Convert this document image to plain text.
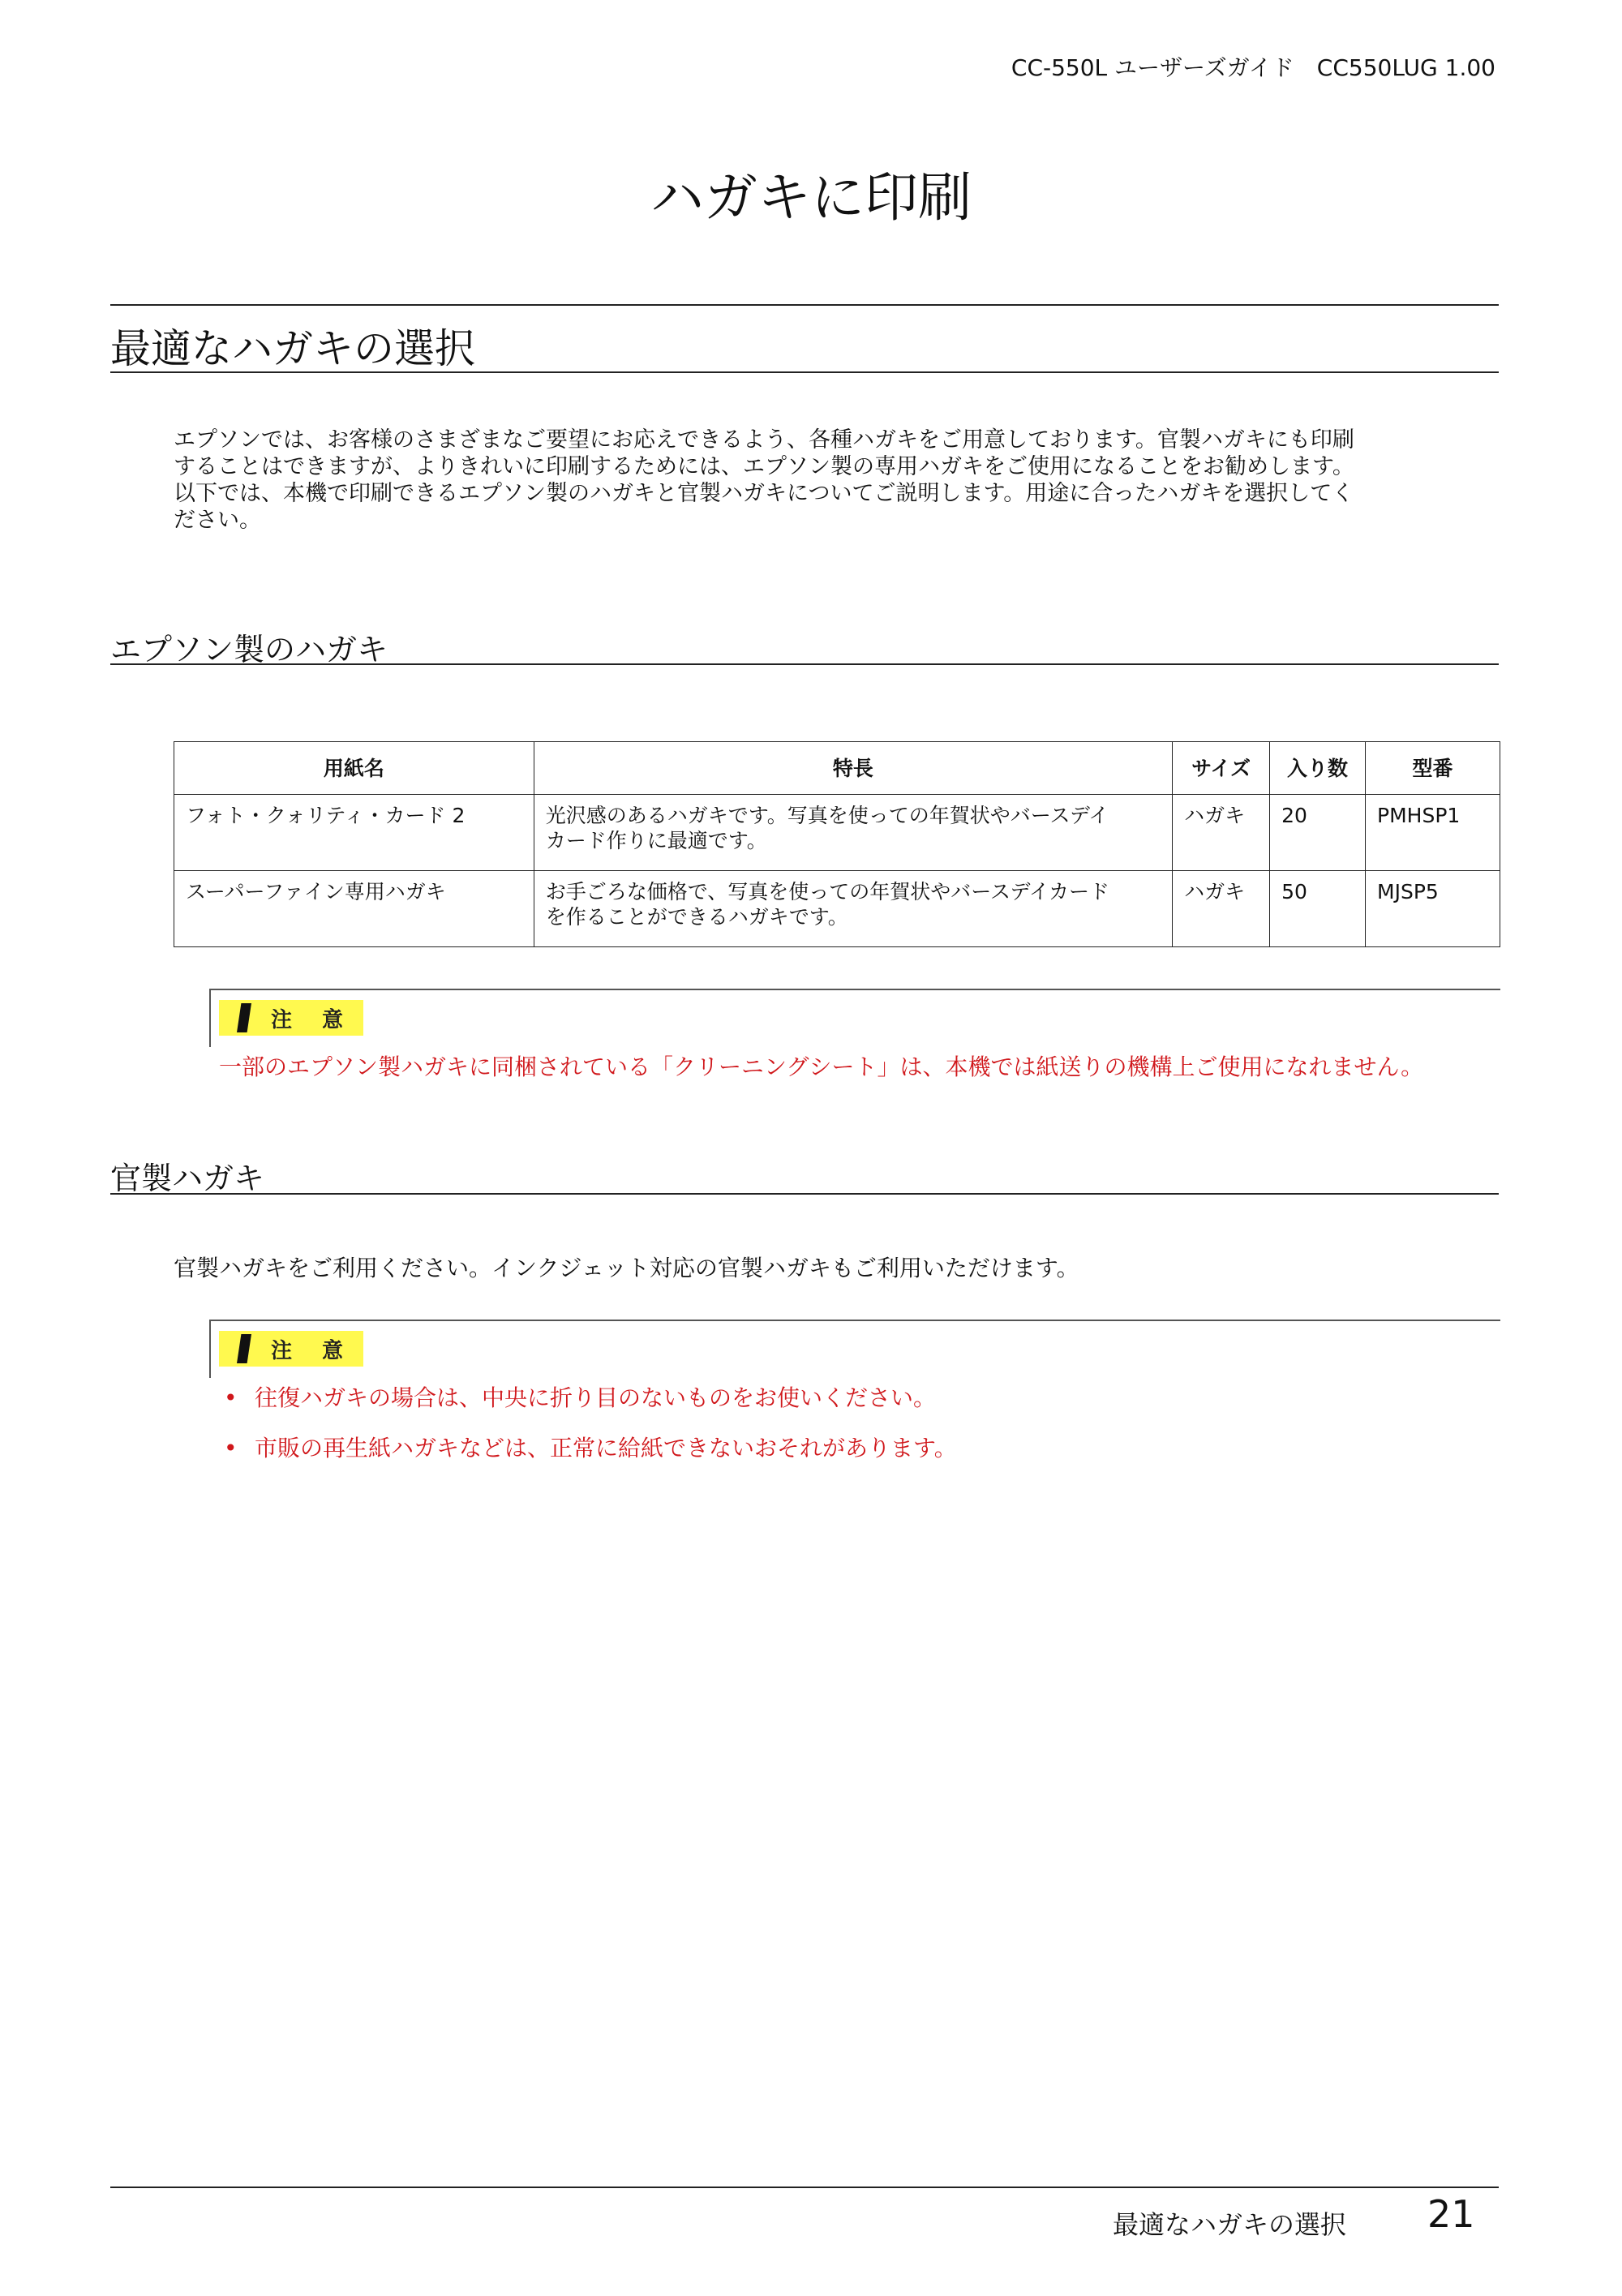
CC-550L ユーザーズガイド　CC550LUG 1.00
ハガキに印刷
最適なハガキの選択
エプソンでは、お客様のさまざまなご要望にお応えできるよう、各種ハガキをご用意しております。官製ハガキにも印刷
することはできますが、よりきれいに印刷するためには、エプソン製の専用ハガキをご使用になることをお勧めします。
以下では、本機で印刷できるエプソン製のハガキと官製ハガキについてご説明します。用途に合ったハガキを選択してく
ださい。
エプソン製のハガキ
用紙名	特長	サイズ	入り数	型番
フォト・クォリティ・カード 2	光沢感のあるハガキです。写真を使っての年賀状やバースデイ
カード作りに最適です。	ハガキ	20	PMHSP1
スーパーファイン専用ハガキ	お手ごろな価格で、写真を使っての年賀状やバースデイカード
を作ることができるハガキです。	ハガキ	50	MJSP5
注 意
一部のエプソン製ハガキに同梱されている「クリーニングシート」は、本機では紙送りの機構上ご使用になれません。
官製ハガキ
官製ハガキをご利用ください。インクジェット対応の官製ハガキもご利用いただけます。
注 意
• 往復ハガキの場合は、中央に折り目のないものをお使いください。
• 市販の再生紙ハガキなどは、正常に給紙できないおそれがあります。
最適なハガキの選択 21
